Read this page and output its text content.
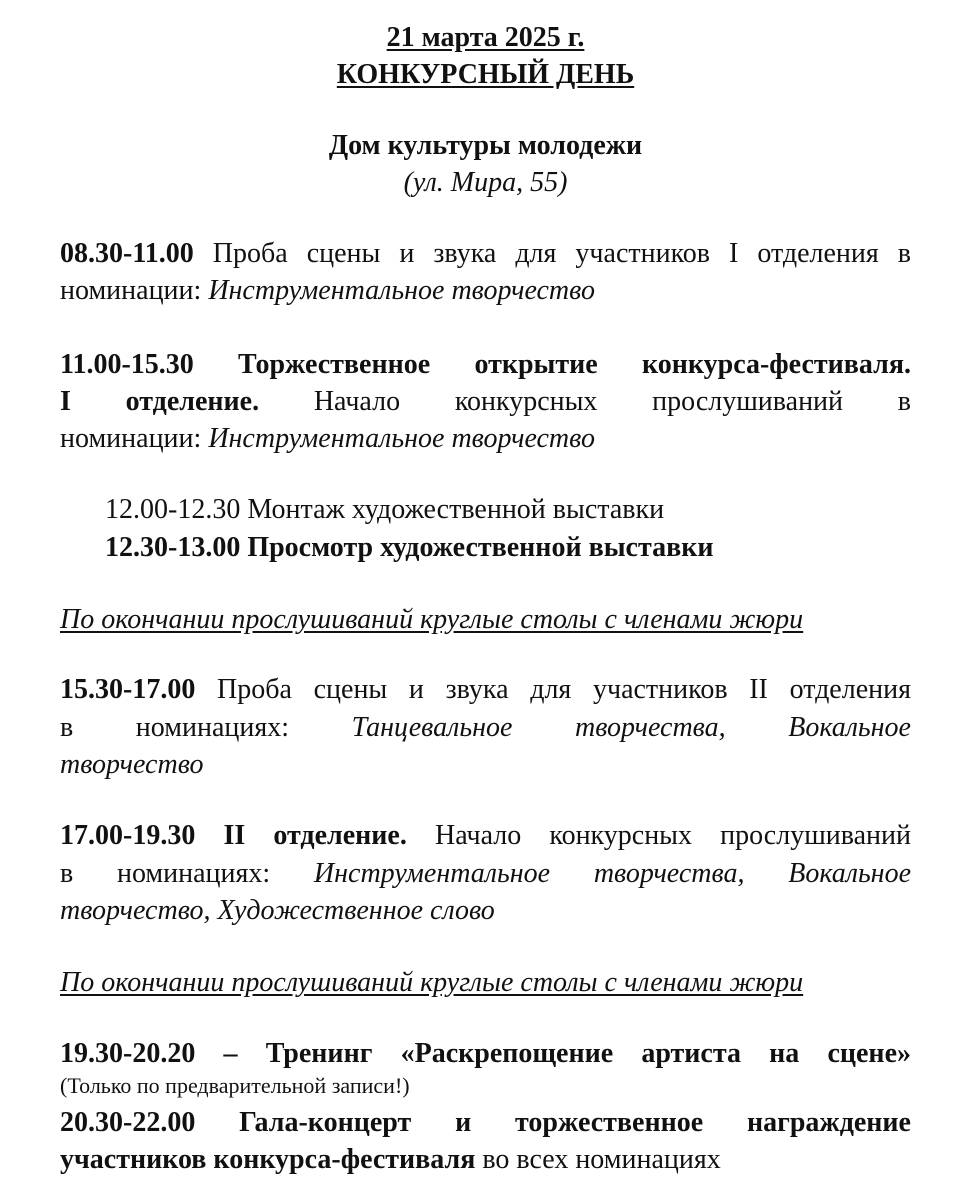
21 марта 2025 г.
КОНКУРСНЫЙ ДЕНЬ
Дом культуры молодежи
(ул. Мира, 55)
08.30-11.00 Проба сцены и звука для участников I отделения в
номинации: Инструментальное творчество
11.00-15.30 Торжественное открытие конкурса-фестиваля.
I отделение. Начало конкурсных прослушиваний в
номинации: Инструментальное творчество
12.00-12.30 Монтаж художественной выставки
12.30-13.00 Просмотр художественной выставки
По окончании прослушиваний круглые столы с членами жюри
15.30-17.00 Проба сцены и звука для участников II отделения
в номинациях: Танцевальное творчества, Вокальное
творчество
17.00-19.30 II отделение. Начало конкурсных прослушиваний
в номинациях: Инструментальное творчества, Вокальное
творчество, Художественное слово
По окончании прослушиваний круглые столы с членами жюри
19.30-20.20 – Тренинг «Раскрепощение артиста на сцене»
(Только по предварительной записи!)
20.30-22.00 Гала-концерт и торжественное награждение
участников конкурса-фестиваля во всех номинациях
